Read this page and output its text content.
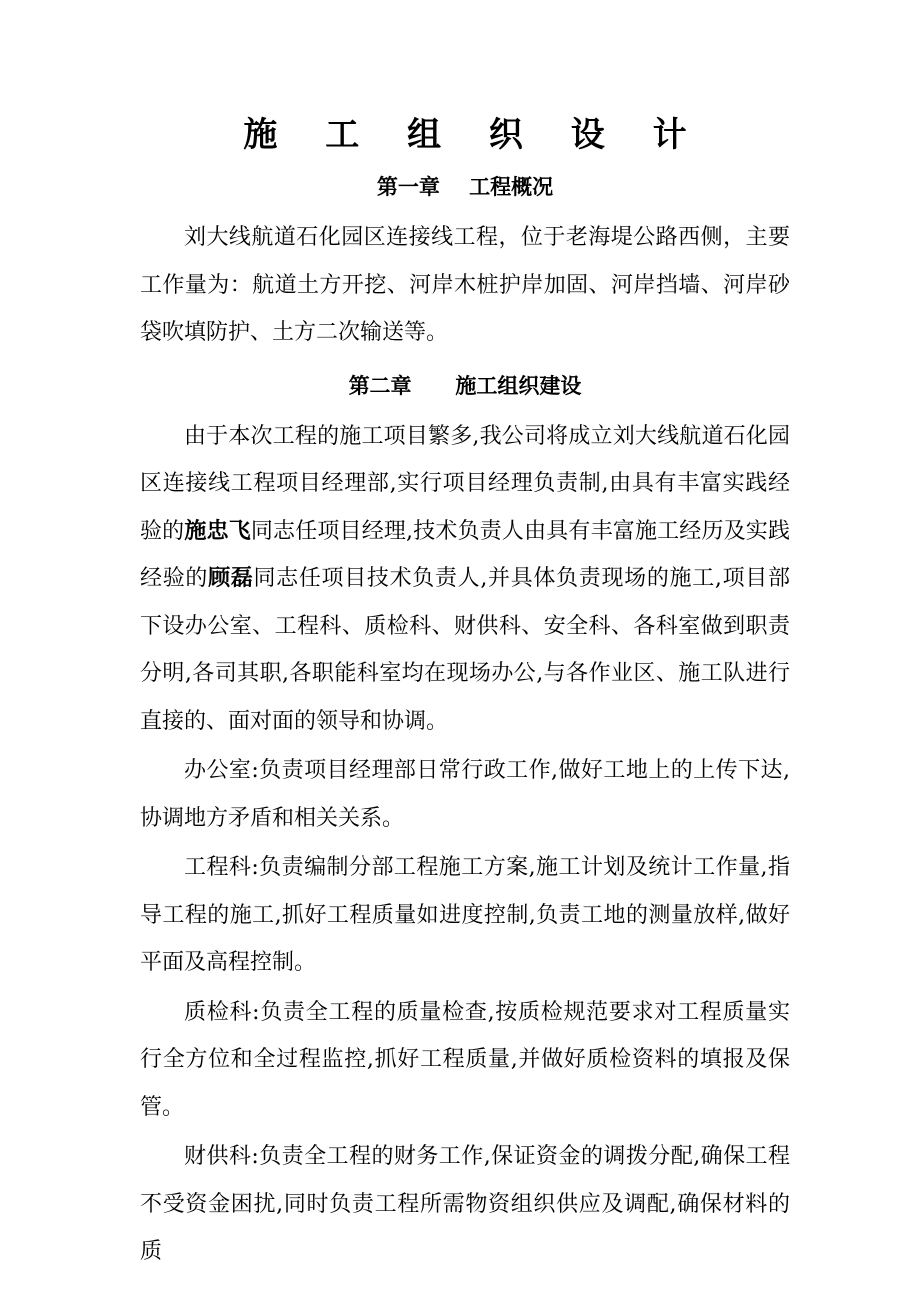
施 工 组 织 设 计
第一章    工程概况

刘大线航道石化园区连接线工程，位于老海堤公路西侧，主要工作量为：航道土方开挖、河岸木桩护岸加固、河岸挡墙、河岸砂袋吹填防护、土方二次输送等。

第二章      施工组织建设

由于本次工程的施工项目繁多,我公司将成立刘大线航道石化园区连接线工程项目经理部,实行项目经理负责制,由具有丰富实践经验的施忠飞同志任项目经理,技术负责人由具有丰富施工经历及实践经验的顾磊同志任项目技术负责人,并具体负责现场的施工,项目部下设办公室、工程科、质检科、财供科、安全科、各科室做到职责分明,各司其职,各职能科室均在现场办公,与各作业区、施工队进行直接的、面对面的领导和协调。

办公室:负责项目经理部日常行政工作,做好工地上的上传下达,协调地方矛盾和相关关系。

工程科:负责编制分部工程施工方案,施工计划及统计工作量,指导工程的施工,抓好工程质量如进度控制,负责工地的测量放样,做好平面及高程控制。

质检科:负责全工程的质量检查,按质检规范要求对工程质量实行全方位和全过程监控,抓好工程质量,并做好质检资料的填报及保管。

财供科:负责全工程的财务工作,保证资金的调拨分配,确保工程不受资金困扰,同时负责工程所需物资组织供应及调配,确保材料的质
